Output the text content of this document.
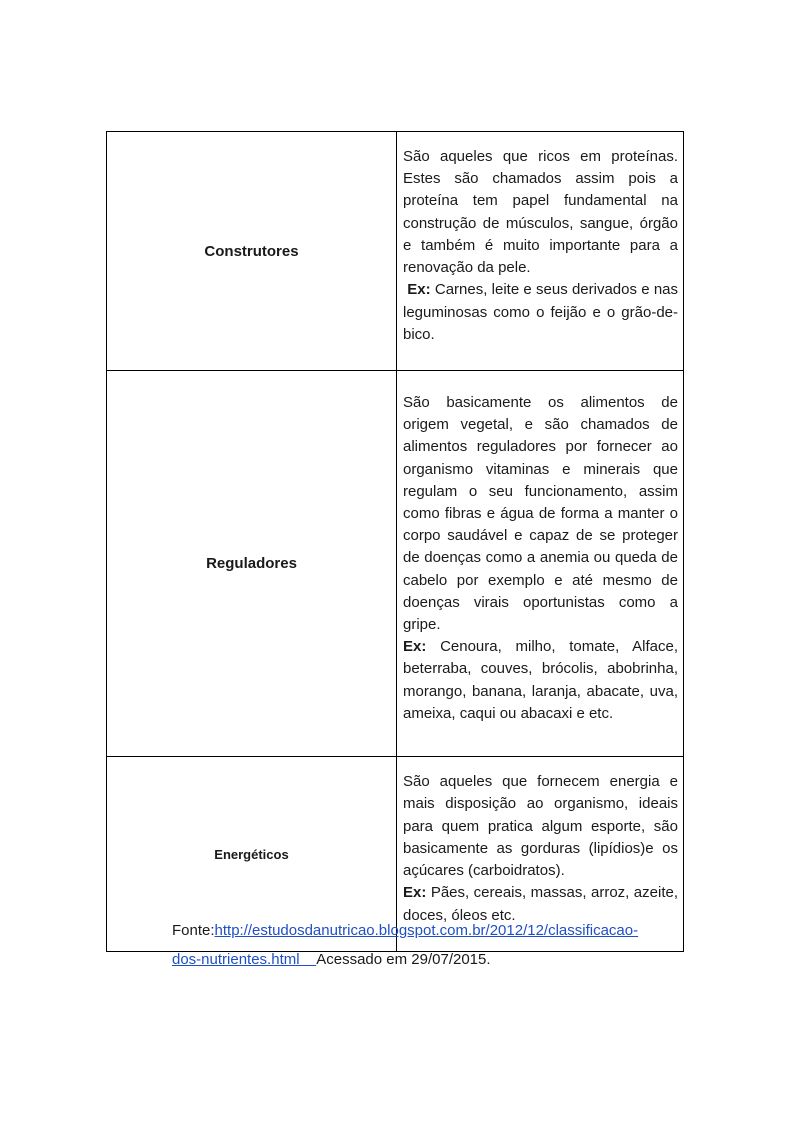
Construtores	São aqueles que ricos em proteínas. Estes são chamados assim pois a proteína tem papel fundamental na construção de músculos, sangue, órgão e também é muito importante para a renovação da pele.

Ex: Carnes, leite e seus derivados e nas leguminosas como o feijão e o grão-de-bico.

Reguladores	São basicamente os alimentos de origem vegetal, e são chamados de alimentos reguladores por fornecer ao organismo vitaminas e minerais que regulam o seu funcionamento, assim como fibras e água de forma a manter o corpo saudável e capaz de se proteger de doenças como a anemia ou queda de cabelo por exemplo e até mesmo de doenças virais oportunistas como a gripe.

Ex: Cenoura, milho, tomate, Alface, beterraba, couves, brócolis, abobrinha, morango, banana, laranja, abacate, uva, ameixa, caqui ou abacaxi e etc.

Energéticos	São aqueles que fornecem energia e mais disposição ao organismo, ideais para quem pratica algum esporte, são basicamente as gorduras (lipídios)e os açúcares (carboidratos).

Ex: Pães, cereais, massas, arroz, azeite, doces, óleos etc.

Fonte:http://estudosdanutricao.blogspot.com.br/2012/12/classificacao-
dos-nutrientes.html Acessado em 29/07/2015.
